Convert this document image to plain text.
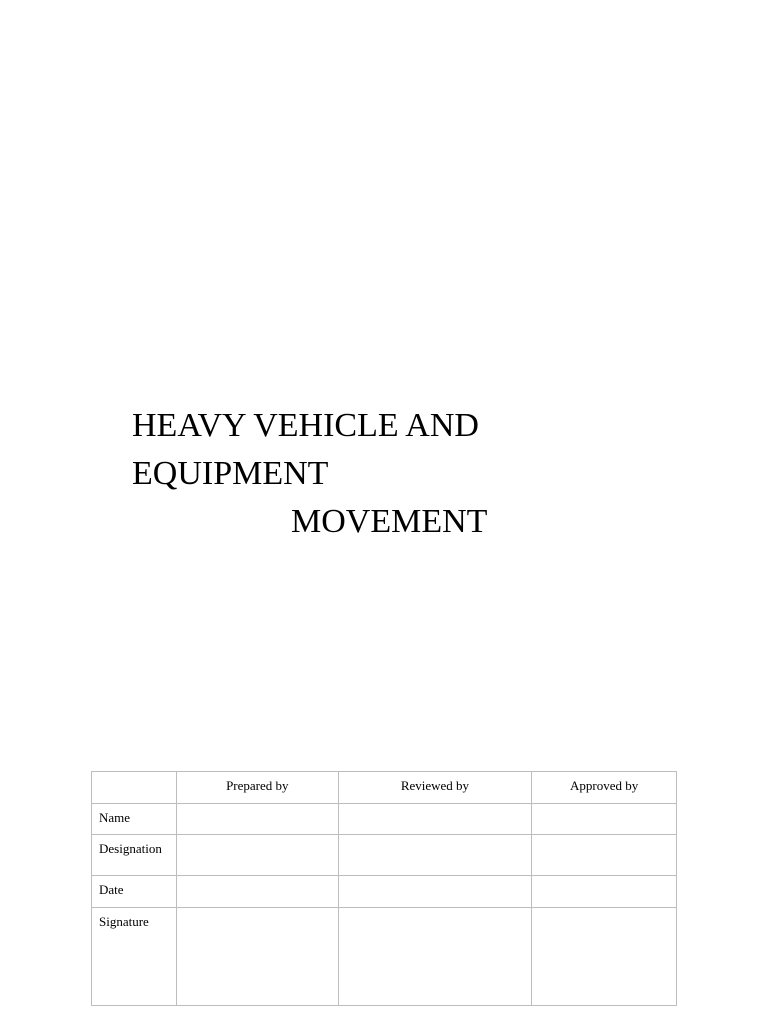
HEAVY VEHICLE AND
EQUIPMENT
MOVEMENT
	Prepared by	Reviewed by	Approved by
Name			
Designation			
Date			
Signature			
